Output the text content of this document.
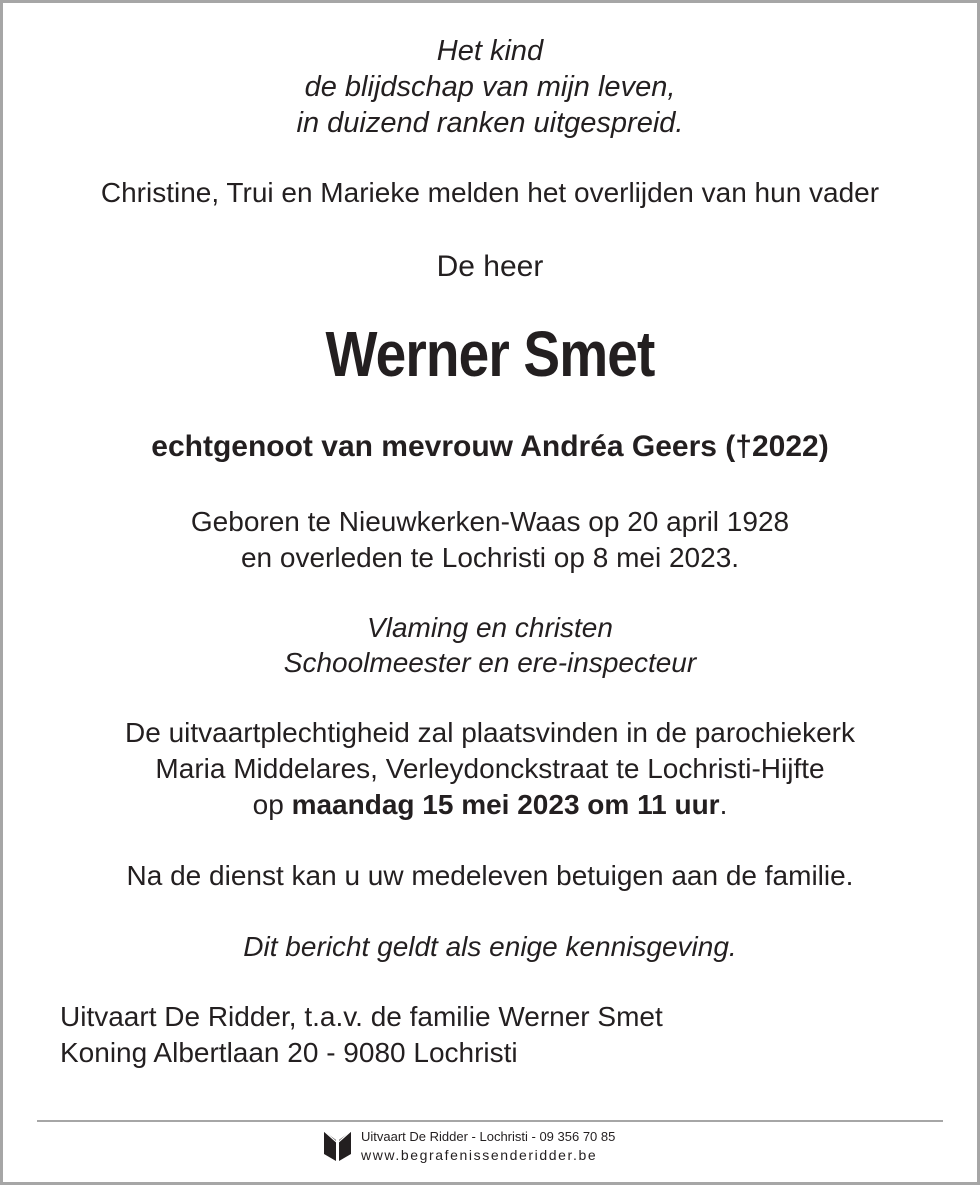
Het kind
de blijdschap van mijn leven,
in duizend ranken uitgespreid.
Christine, Trui en Marieke melden het overlijden van hun vader
De heer
Werner Smet
echtgenoot van mevrouw Andréa Geers (†2022)
Geboren te Nieuwkerken-Waas op 20 april 1928
en overleden te Lochristi op 8 mei 2023.
Vlaming en christen
Schoolmeester en ere-inspecteur
De uitvaartplechtigheid zal plaatsvinden in de parochiekerk
Maria Middelares, Verleydonckstraat te Lochristi-Hijfte
op maandag 15 mei 2023 om 11 uur.
Na de dienst kan u uw medeleven betuigen aan de familie.
Dit bericht geldt als enige kennisgeving.
Uitvaart De Ridder, t.a.v. de familie Werner Smet
Koning Albertlaan 20 - 9080 Lochristi
Uitvaart De Ridder - Lochristi - 09 356 70 85
www.begrafenissenderidder.be
